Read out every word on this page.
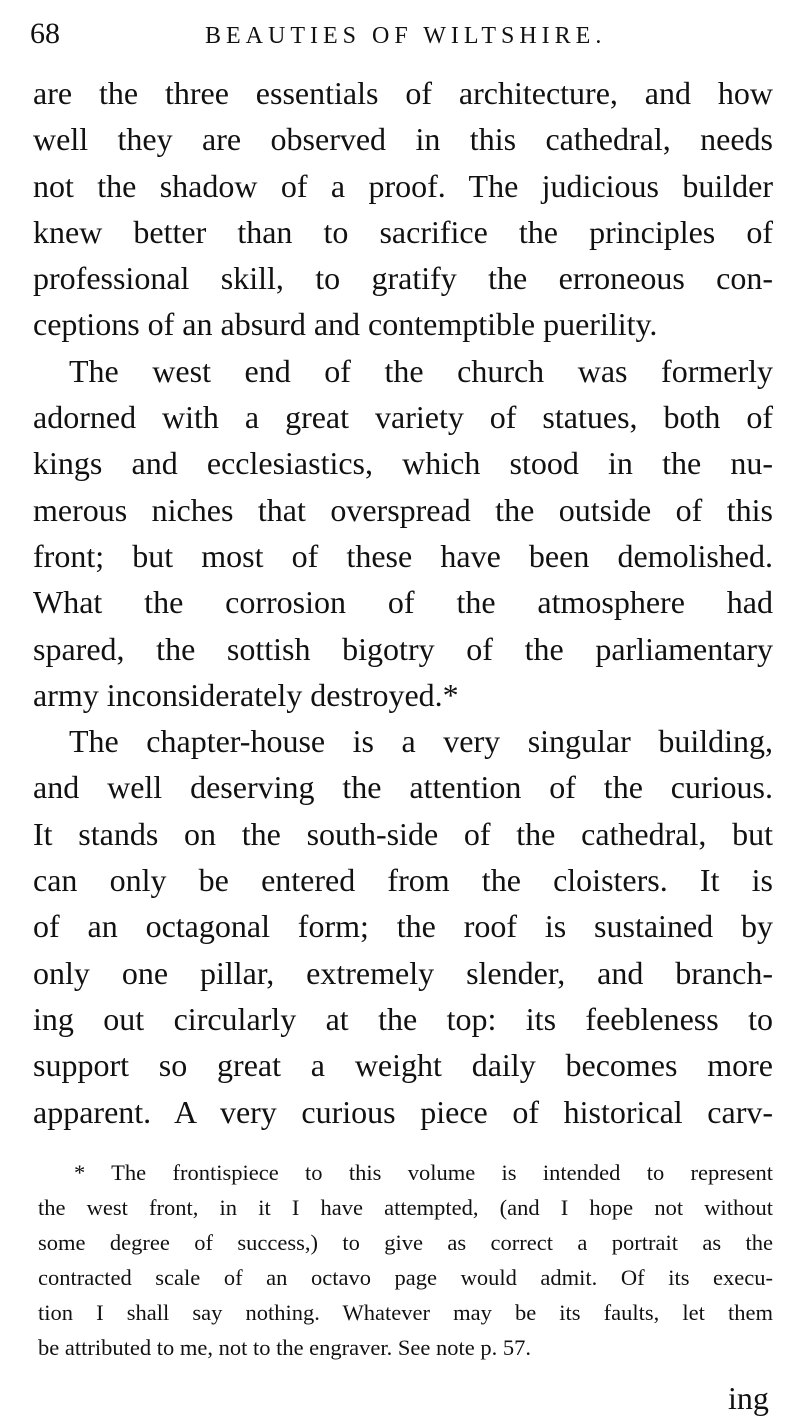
68	BEAUTIES OF WILTSHIRE.
are the three essentials of architecture, and how
well they are observed in this cathedral, needs
not the shadow of a proof. The judicious builder
knew better than to sacrifice the principles of
professional skill, to gratify the erroneous con-
ceptions of an absurd and contemptible puerility.
The west end of the church was formerly
adorned with a great variety of statues, both of
kings and ecclesiastics, which stood in the nu-
merous niches that overspread the outside of this
front; but most of these have been demolished.
What the corrosion of the atmosphere had
spared, the sottish bigotry of the parliamentary
army inconsiderately destroyed.*
The chapter-house is a very singular building,
and well deserving the attention of the curious.
It stands on the south-side of the cathedral, but
can only be entered from the cloisters. It is
of an octagonal form; the roof is sustained by
only one pillar, extremely slender, and branch-
ing out circularly at the top: its feebleness to
support so great a weight daily becomes more
apparent. A very curious piece of historical carv-
* The frontispiece to this volume is intended to represent
the west front, in it I have attempted, (and I hope not without
some degree of success,) to give as correct a portrait as the
contracted scale of an octavo page would admit. Of its execu-
tion I shall say nothing. Whatever may be its faults, let them
be attributed to me, not to the engraver. See note p. 57.
ing
